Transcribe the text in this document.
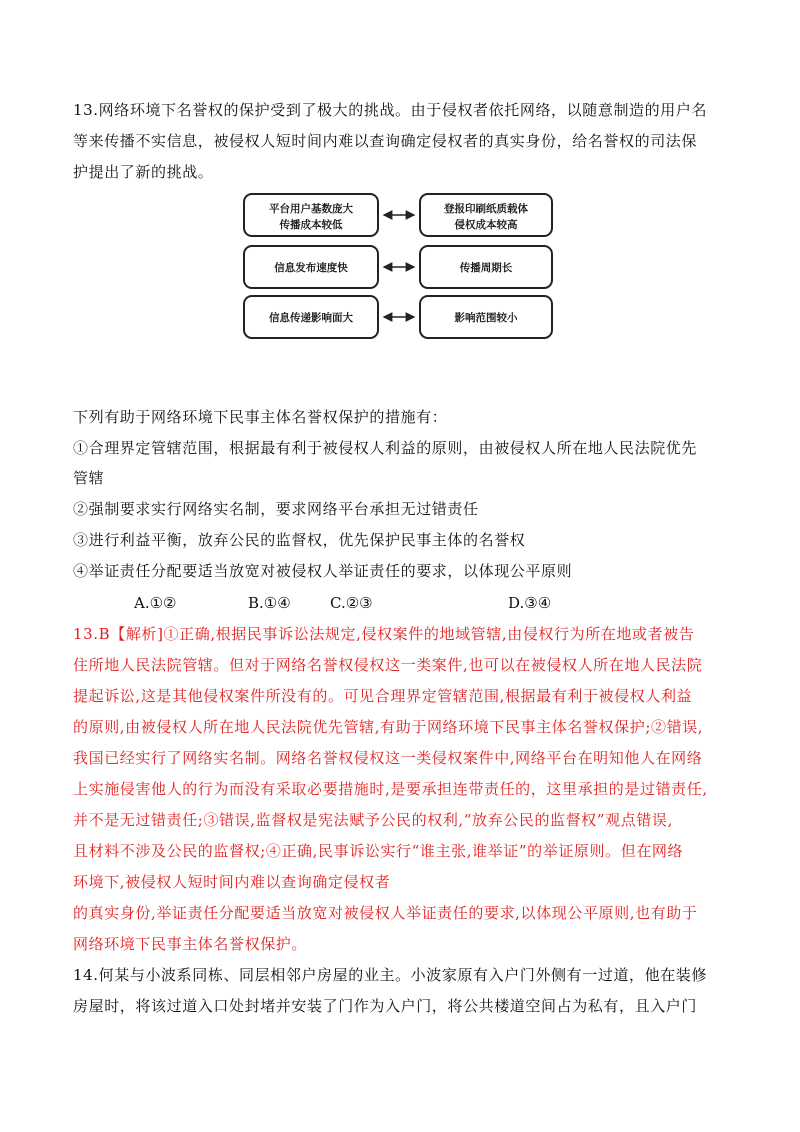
13.网络环境下名誉权的保护受到了极大的挑战。由于侵权者依托网络，以随意制造的用户名
等来传播不实信息，被侵权人短时间内难以查询确定侵权者的真实身份，给名誉权的司法保
护提出了新的挑战。
平台用户基数庞大
传播成本较低
登报印刷纸质载体
侵权成本较高
信息发布速度快	传播周期长
信息传递影响面大	影响范围较小
下列有助于网络环境下民事主体名誉权保护的措施有：
①合理界定管辖范围，根据最有利于被侵权人利益的原则，由被侵权人所在地人民法院优先
管辖
②强制要求实行网络实名制，要求网络平台承担无过错责任
③进行利益平衡，放弃公民的监督权，优先保护民事主体的名誉权
④举证责任分配要适当放宽对被侵权人举证责任的要求，以体现公平原则
A.①②	B.①④	C.②③	D.③④
13.B【解析]①正确,根据民事诉讼法规定,侵权案件的地域管辖,由侵权行为所在地或者被告
住所地人民法院管辖。但对于网络名誉权侵权这一类案件,也可以在被侵权人所在地人民法院
提起诉讼,这是其他侵权案件所没有的。可见合理界定管辖范围,根据最有利于被侵权人利益
的原则,由被侵权人所在地人民法院优先管辖,有助于网络环境下民事主体名誉权保护;②错误,
我国已经实行了网络实名制。网络名誉权侵权这一类侵权案件中,网络平台在明知他人在网络
上实施侵害他人的行为而没有采取必要措施时,是要承担连带责任的，这里承担的是过错责任,
并不是无过错责任;③错误,监督权是宪法赋予公民的权利,“放弃公民的监督权”观点错误,
且材料不涉及公民的监督权;④正确,民事诉讼实行“谁主张,谁举证”的举证原则。但在网络
环境下,被侵权人短时间内难以查询确定侵权者
的真实身份,举证责任分配要适当放宽对被侵权人举证责任的要求,以体现公平原则,也有助于
网络环境下民事主体名誉权保护。
14.何某与小波系同栋、同层相邻户房屋的业主。小波家原有入户门外侧有一过道，他在装修
房屋时，将该过道入口处封堵并安装了门作为入户门，将公共楼道空间占为私有，且入户门
